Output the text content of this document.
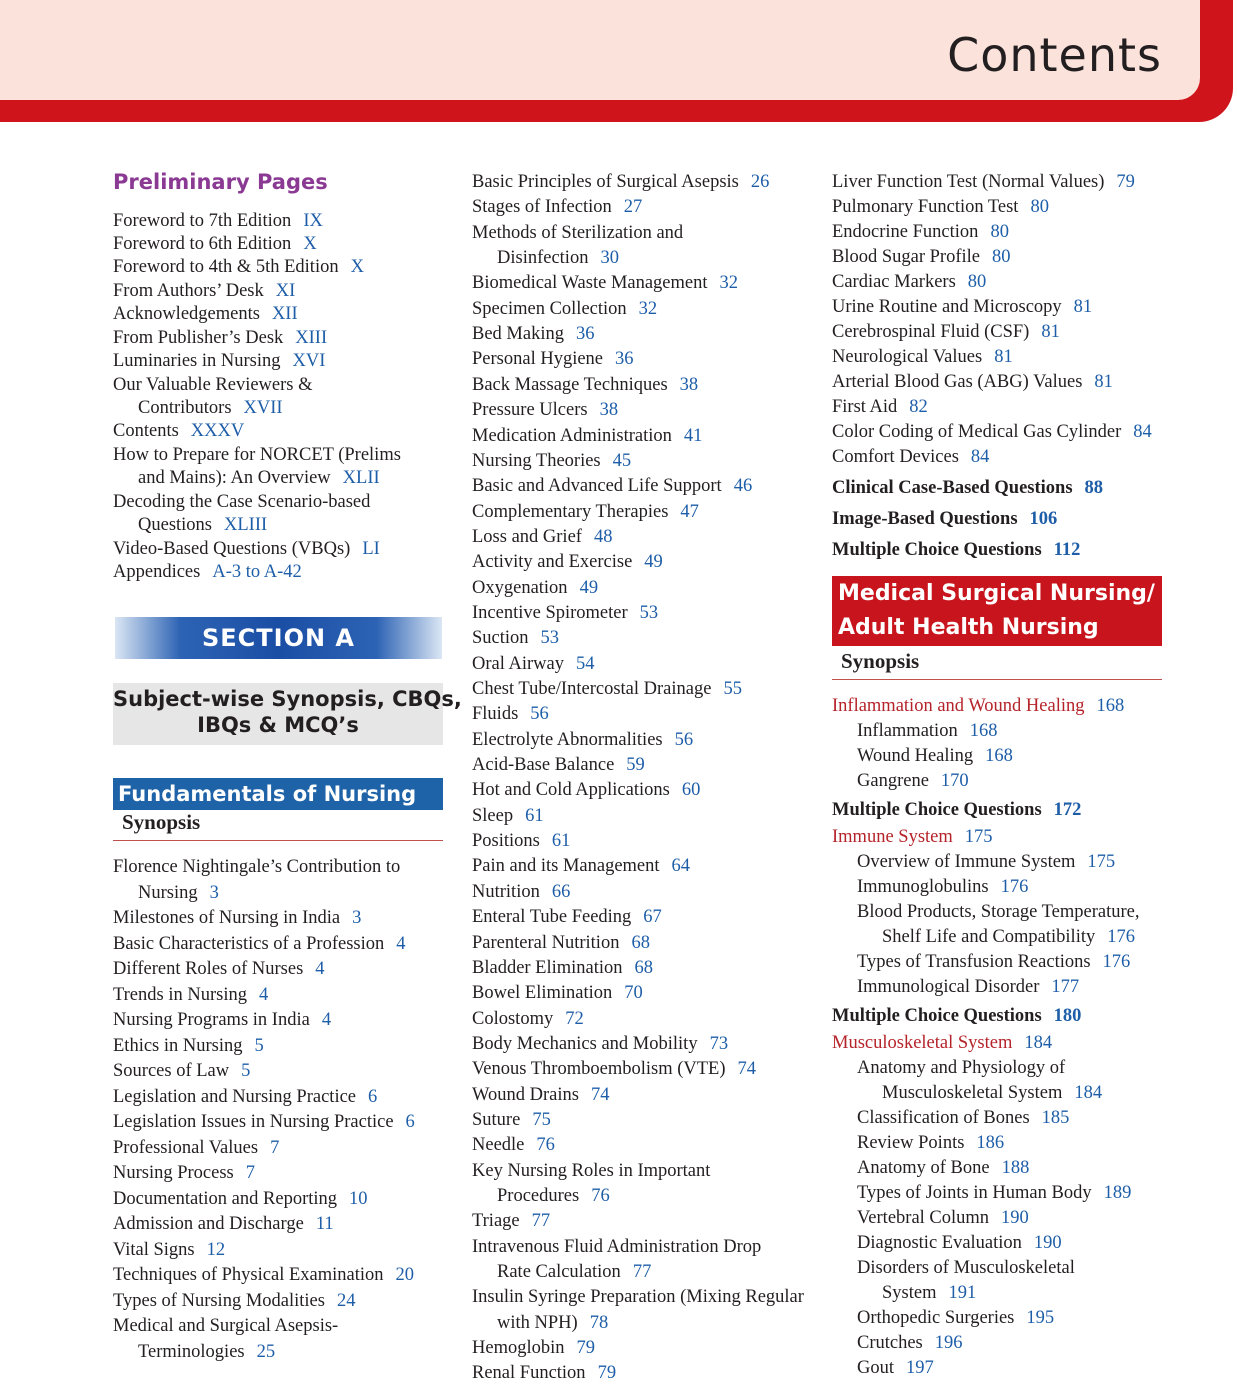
Contents
Preliminary Pages
SECTION A
Subject-wise Synopsis, CBQs,
IBQs & MCQ’s
Fundamentals of Nursing
Synopsis
Medical Surgical Nursing/
Adult Health Nursing
Synopsis
Foreword to 7th Edition IX
Foreword to 6th Edition X
Foreword to 4th & 5th Edition X
From Authors’ Desk XI
Acknowledgements XII
From Publisher’s Desk XIII
Luminaries in Nursing XVI
Our Valuable Reviewers &
Contributors XVII
Contents XXXV
How to Prepare for NORCET (Prelims
and Mains): An Overview XLII
Decoding the Case Scenario-based
Questions XLIII
Video-Based Questions (VBQs) LI
Appendices A-3 to A-42
Florence Nightingale’s Contribution to
Nursing 3
Milestones of Nursing in India 3
Basic Characteristics of a Profession 4
Different Roles of Nurses 4
Trends in Nursing 4
Nursing Programs in India 4
Ethics in Nursing 5
Sources of Law 5
Legislation and Nursing Practice 6
Legislation Issues in Nursing Practice 6
Professional Values 7
Nursing Process 7
Documentation and Reporting 10
Admission and Discharge 11
Vital Signs 12
Techniques of Physical Examination 20
Types of Nursing Modalities 24
Medical and Surgical Asepsis-
Terminologies 25
Basic Principles of Surgical Asepsis 26
Stages of Infection 27
Methods of Sterilization and
Disinfection 30
Biomedical Waste Management 32
Specimen Collection 32
Bed Making 36
Personal Hygiene 36
Back Massage Techniques 38
Pressure Ulcers 38
Medication Administration 41
Nursing Theories 45
Basic and Advanced Life Support 46
Complementary Therapies 47
Loss and Grief 48
Activity and Exercise 49
Oxygenation 49
Incentive Spirometer 53
Suction 53
Oral Airway 54
Chest Tube/Intercostal Drainage 55
Fluids 56
Electrolyte Abnormalities 56
Acid-Base Balance 59
Hot and Cold Applications 60
Sleep 61
Positions 61
Pain and its Management 64
Nutrition 66
Enteral Tube Feeding 67
Parenteral Nutrition 68
Bladder Elimination 68
Bowel Elimination 70
Colostomy 72
Body Mechanics and Mobility 73
Venous Thromboembolism (VTE) 74
Wound Drains 74
Suture 75
Needle 76
Key Nursing Roles in Important
Procedures 76
Triage 77
Intravenous Fluid Administration Drop
Rate Calculation 77
Insulin Syringe Preparation (Mixing Regular
with NPH) 78
Hemoglobin 79
Renal Function 79
Liver Function Test (Normal Values) 79
Pulmonary Function Test 80
Endocrine Function 80
Blood Sugar Profile 80
Cardiac Markers 80
Urine Routine and Microscopy 81
Cerebrospinal Fluid (CSF) 81
Neurological Values 81
Arterial Blood Gas (ABG) Values 81
First Aid 82
Color Coding of Medical Gas Cylinder 84
Comfort Devices 84
Clinical Case-Based Questions 88
Image-Based Questions 106
Multiple Choice Questions 112
Inflammation and Wound Healing 168
Inflammation 168
Wound Healing 168
Gangrene 170
Multiple Choice Questions 172
Immune System 175
Overview of Immune System 175
Immunoglobulins 176
Blood Products, Storage Temperature,
Shelf Life and Compatibility 176
Types of Transfusion Reactions 176
Immunological Disorder 177
Multiple Choice Questions 180
Musculoskeletal System 184
Anatomy and Physiology of
Musculoskeletal System 184
Classification of Bones 185
Review Points 186
Anatomy of Bone 188
Types of Joints in Human Body 189
Vertebral Column 190
Diagnostic Evaluation 190
Disorders of Musculoskeletal
System 191
Orthopedic Surgeries 195
Crutches 196
Gout 197
